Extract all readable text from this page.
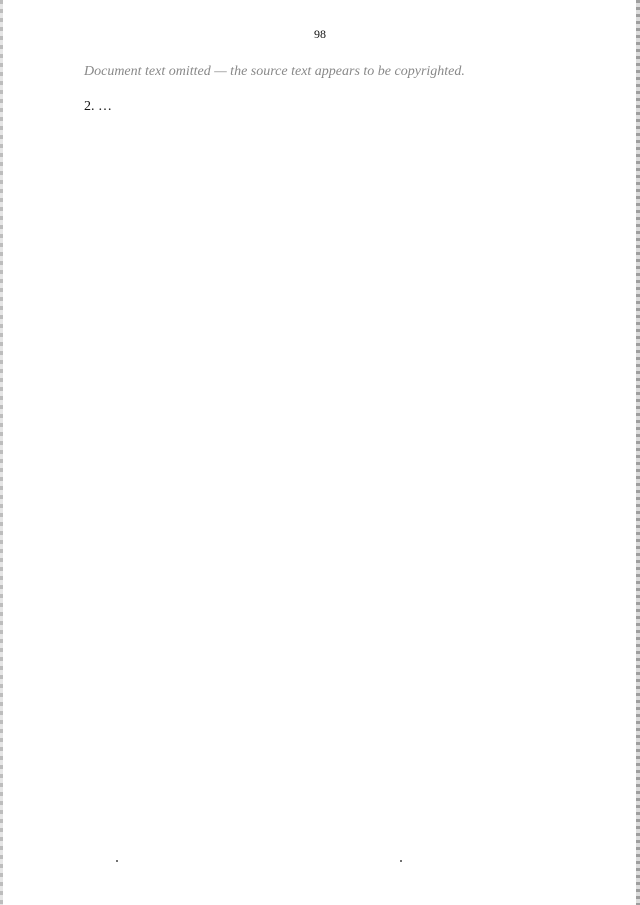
98

Document text omitted — the source text appears to be copyrighted.

2. …
